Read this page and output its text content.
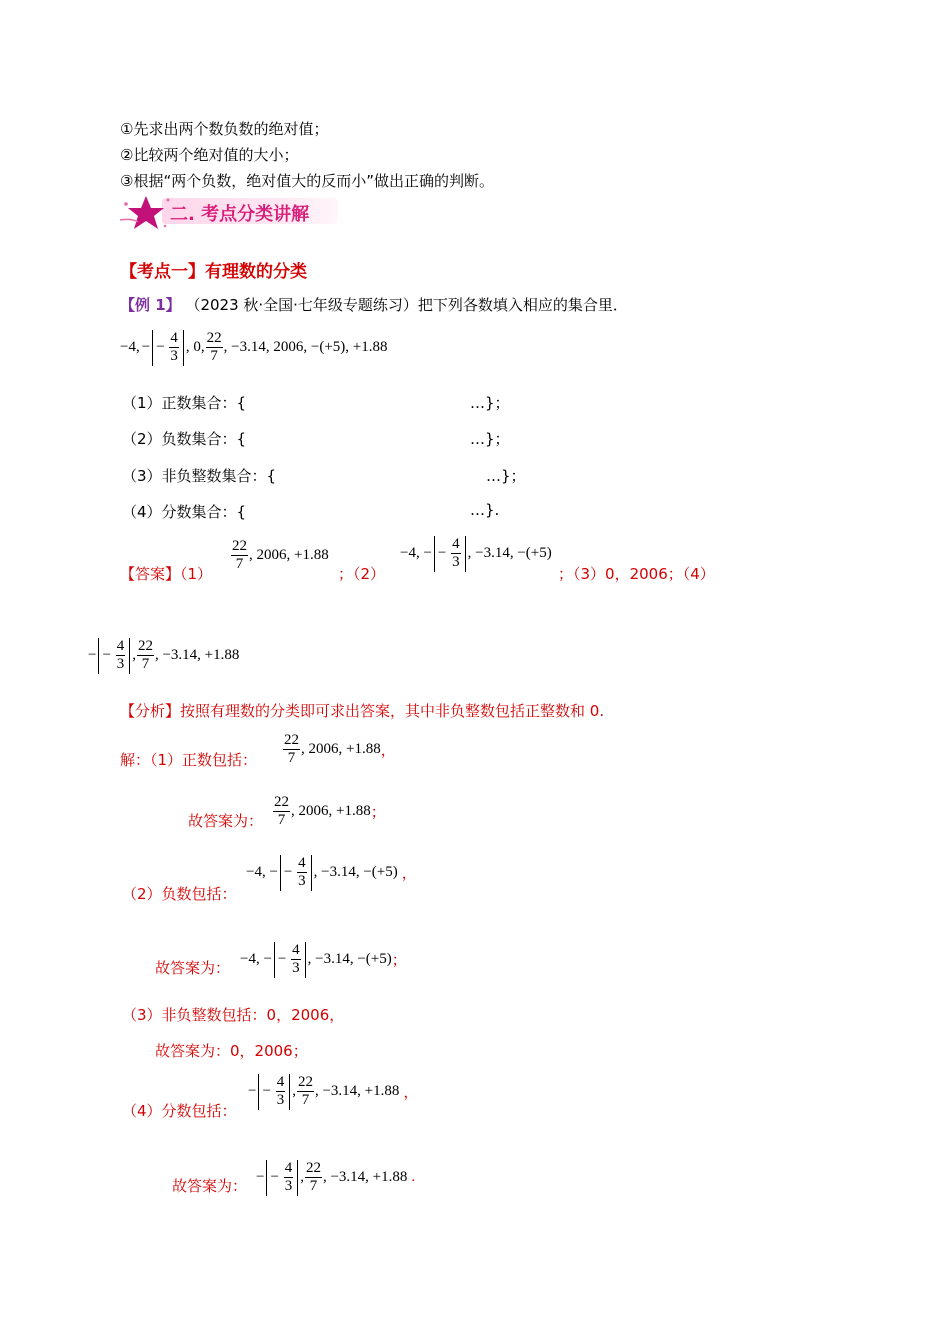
①先求出两个数负数的绝对值；
②比较两个绝对值的大小；
③根据“两个负数，绝对值大的反而小”做出正确的判断。
二. 考点分类讲解
【考点一】有理数的分类
【例 1】 （2023 秋·全国·七年级专题练习）把下列各数填入相应的集合里．
−4, − − $\frac{4}{3}$ , 0, $\frac{22}{7}$ , −3.14, 2006, −(+5), +1.88
（1）正数集合：{	…}；
（2）负数集合：{	…}；
（3）非负整数集合：{	…}；
（4）分数集合：{	…}.
【答案】（1）
$\frac{22}{7}$ , 2006, +1.88
；（2）
−4, − − $\frac{4}{3}$ , −3.14, −(+5)
；（3）0，2006；（4）
− − $\frac{4}{3}$ , $\frac{22}{7}$ , −3.14, +1.88
【分析】按照有理数的分类即可求出答案，其中非负整数包括正整数和 0.
解：（1）正数包括： $\frac{22}{7}$ , 2006, +1.88 ，
故答案为： $\frac{22}{7}$ , 2006, +1.88 ；
（2）负数包括：
−4, − − $\frac{4}{3}$ , −3.14, −(+5) ，
故答案为： −4, − − $\frac{4}{3}$ , −3.14, −(+5) ；
（3）非负整数包括：0，2006，
故答案为：0，2006；
（4）分数包括：
− − $\frac{4}{3}$ , $\frac{22}{7}$ , −3.14, +1.88 ，
故答案为： − − $\frac{4}{3}$ , $\frac{22}{7}$ , −3.14, +1.88 .
